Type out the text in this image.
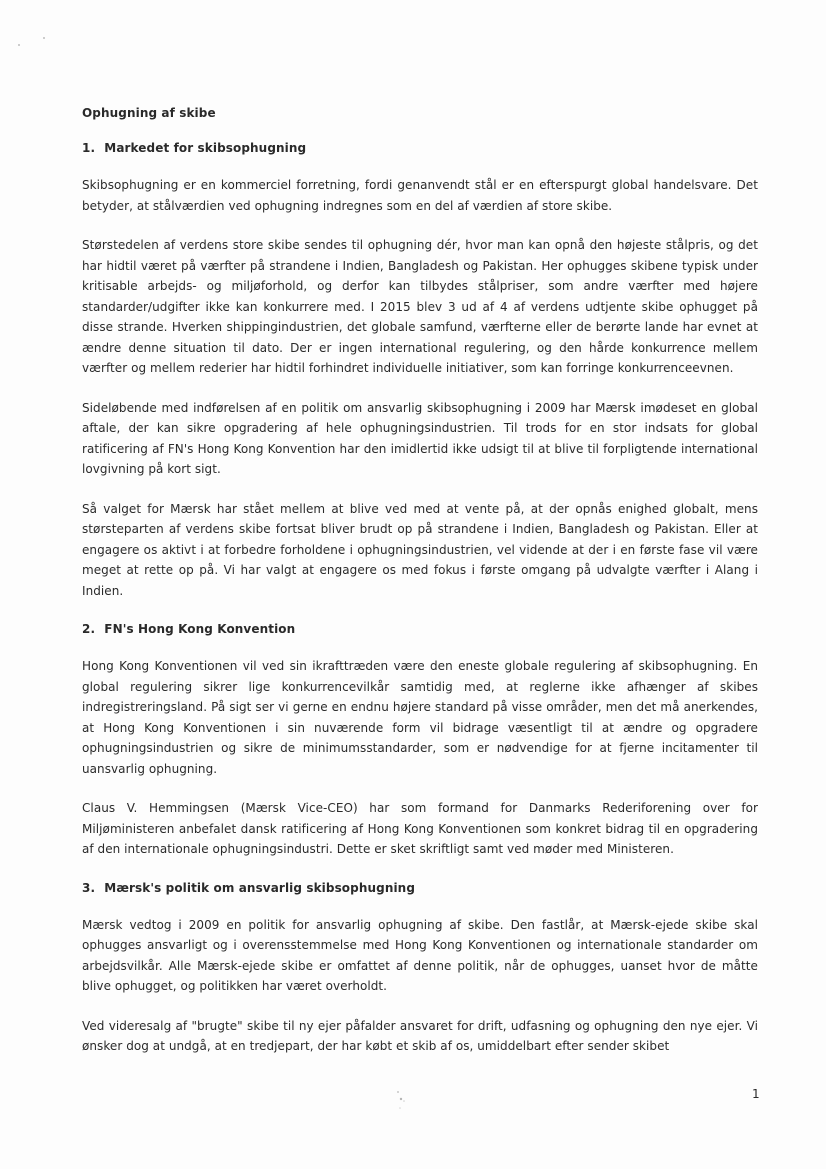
Ophugning af skibe
1. Markedet for skibsophugning

Skibsophugning er en kommerciel forretning, fordi genanvendt stål er en efterspurgt global handelsvare. Det betyder, at stålværdien ved ophugning indregnes som en del af værdien af store skibe.

Størstedelen af verdens store skibe sendes til ophugning dér, hvor man kan opnå den højeste stålpris, og det har hidtil været på værfter på strandene i Indien, Bangladesh og Pakistan. Her ophugges skibene typisk under kritisable arbejds- og miljøforhold, og derfor kan tilbydes stålpriser, som andre værfter med højere standarder/udgifter ikke kan konkurrere med. I 2015 blev 3 ud af 4 af verdens udtjente skibe ophugget på disse strande. Hverken shippingindustrien, det globale samfund, værfterne eller de berørte lande har evnet at ændre denne situation til dato. Der er ingen international regulering, og den hårde konkurrence mellem værfter og mellem rederier har hidtil forhindret individuelle initiativer, som kan forringe konkurrenceevnen.

Sideløbende med indførelsen af en politik om ansvarlig skibsophugning i 2009 har Mærsk imødeset en global aftale, der kan sikre opgradering af hele ophugningsindustrien. Til trods for en stor indsats for global ratificering af FN's Hong Kong Konvention har den imidlertid ikke udsigt til at blive til forpligtende international lovgivning på kort sigt.

Så valget for Mærsk har stået mellem at blive ved med at vente på, at der opnås enighed globalt, mens størsteparten af verdens skibe fortsat bliver brudt op på strandene i Indien, Bangladesh og Pakistan. Eller at engagere os aktivt i at forbedre forholdene i ophugningsindustrien, vel vidende at der i en første fase vil være meget at rette op på. Vi har valgt at engagere os med fokus i første omgang på udvalgte værfter i Alang i Indien.

2. FN's Hong Kong Konvention

Hong Kong Konventionen vil ved sin ikrafttræden være den eneste globale regulering af skibsophugning. En global regulering sikrer lige konkurrencevilkår samtidig med, at reglerne ikke afhænger af skibes indregistreringsland. På sigt ser vi gerne en endnu højere standard på visse områder, men det må anerkendes, at Hong Kong Konventionen i sin nuværende form vil bidrage væsentligt til at ændre og opgradere ophugningsindustrien og sikre de minimumsstandarder, som er nødvendige for at fjerne incitamenter til uansvarlig ophugning.

Claus V. Hemmingsen (Mærsk Vice-CEO) har som formand for Danmarks Rederiforening over for Miljøministeren anbefalet dansk ratificering af Hong Kong Konventionen som konkret bidrag til en opgradering af den internationale ophugningsindustri. Dette er sket skriftligt samt ved møder med Ministeren.

3. Mærsk's politik om ansvarlig skibsophugning

Mærsk vedtog i 2009 en politik for ansvarlig ophugning af skibe. Den fastlår, at Mærsk-ejede skibe skal ophugges ansvarligt og i overensstemmelse med Hong Kong Konventionen og internationale standarder om arbejdsvilkår. Alle Mærsk-ejede skibe er omfattet af denne politik, når de ophugges, uanset hvor de måtte blive ophugget, og politikken har været overholdt.

Ved videresalg af "brugte" skibe til ny ejer påfalder ansvaret for drift, udfasning og ophugning den nye ejer. Vi ønsker dog at undgå, at en tredjepart, der har købt et skib af os, umiddelbart efter sender skibet

1
